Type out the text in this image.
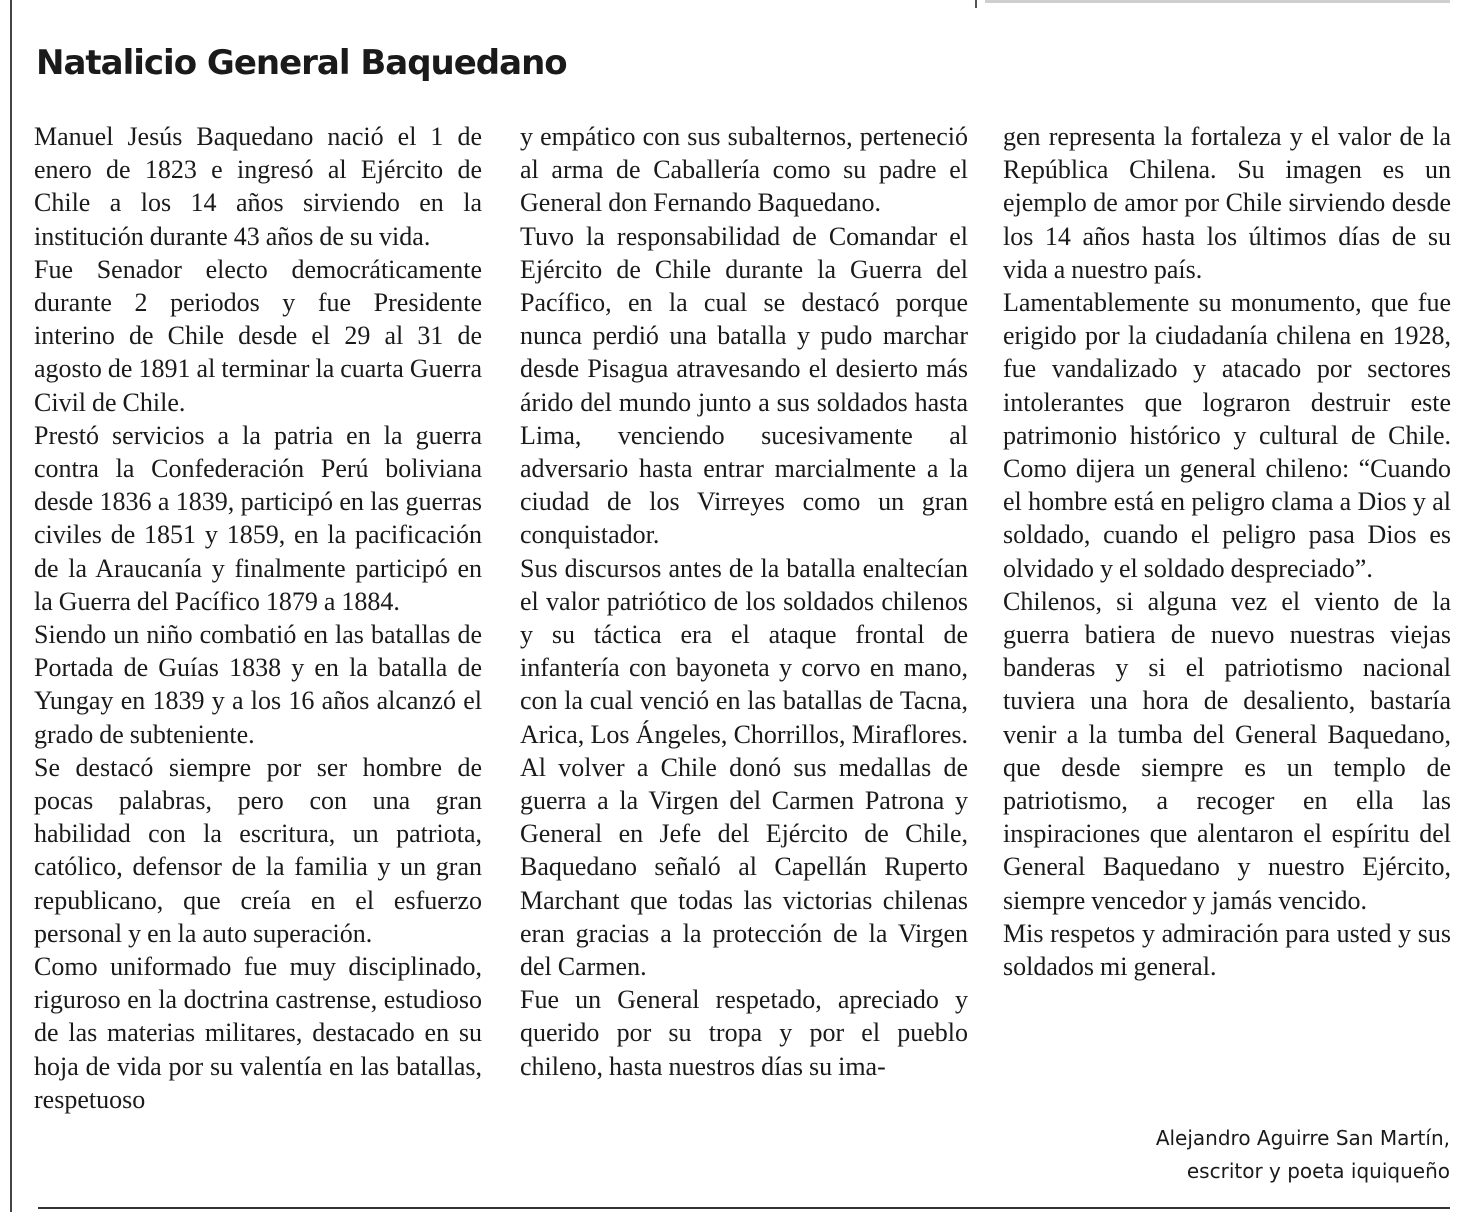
Natalicio General Baquedano

Manuel Jesús Baquedano nació el 1 de enero de 1823 e ingresó al Ejército de Chile a los 14 años sirviendo en la institución durante 43 años de su vida.

Fue Senador electo democráticamente durante 2 periodos y fue Presidente interino de Chile desde el 29 al 31 de agosto de 1891 al terminar la cuarta Guerra Civil de Chile.

Prestó servicios a la patria en la guerra contra la Confederación Perú boliviana desde 1836 a 1839, participó en las guerras civiles de 1851 y 1859, en la pacificación de la Araucanía y finalmente participó en la Guerra del Pacífico 1879 a 1884.

Siendo un niño combatió en las batallas de Portada de Guías 1838 y en la batalla de Yungay en 1839 y a los 16 años alcanzó el grado de subteniente.

Se destacó siempre por ser hombre de pocas palabras, pero con una gran habilidad con la escritura, un patriota, católico, defensor de la familia y un gran republicano, que creía en el esfuerzo personal y en la auto superación.

Como uniformado fue muy disciplinado, riguroso en la doctrina castrense, estudioso de las materias militares, destacado en su hoja de vida por su valentía en las batallas, respetuoso

y empático con sus subalternos, perteneció al arma de Caballería como su padre el General don Fernando Baquedano.

Tuvo la responsabilidad de Comandar el Ejército de Chile durante la Guerra del Pacífico, en la cual se destacó porque nunca perdió una batalla y pudo marchar desde Pisagua atravesando el desierto más árido del mundo junto a sus soldados hasta Lima, venciendo sucesivamente al adversario hasta entrar marcialmente a la ciudad de los Virreyes como un gran conquistador.

Sus discursos antes de la batalla enaltecían el valor patriótico de los soldados chilenos y su táctica era el ataque frontal de infantería con bayoneta y corvo en mano, con la cual venció en las batallas de Tacna, Arica, Los Ángeles, Chorrillos, Miraflores. Al volver a Chile donó sus medallas de guerra a la Virgen del Carmen Patrona y General en Jefe del Ejército de Chile, Baquedano señaló al Capellán Ruperto Marchant que todas las victorias chilenas eran gracias a la protección de la Virgen del Carmen.

Fue un General respetado, apreciado y querido por su tropa y por el pueblo chileno, hasta nuestros días su ima-

gen representa la fortaleza y el valor de la República Chilena. Su imagen es un ejemplo de amor por Chile sirviendo desde los 14 años hasta los últimos días de su vida a nuestro país.

Lamentablemente su monumento, que fue erigido por la ciudadanía chilena en 1928, fue vandalizado y atacado por sectores intolerantes que lograron destruir este patrimonio histórico y cultural de Chile. Como dijera un general chileno: “Cuando el hombre está en peligro clama a Dios y al soldado, cuando el peligro pasa Dios es olvidado y el soldado despreciado”.

Chilenos, si alguna vez el viento de la guerra batiera de nuevo nuestras viejas banderas y si el patriotismo nacional tuviera una hora de desaliento, bastaría venir a la tumba del General Baquedano, que desde siempre es un templo de patriotismo, a recoger en ella las inspiraciones que alentaron el espíritu del General Baquedano y nuestro Ejército, siempre vencedor y jamás vencido.

Mis respetos y admiración para usted y sus soldados mi general.

Alejandro Aguirre San Martín,
escritor y poeta iquiqueño
